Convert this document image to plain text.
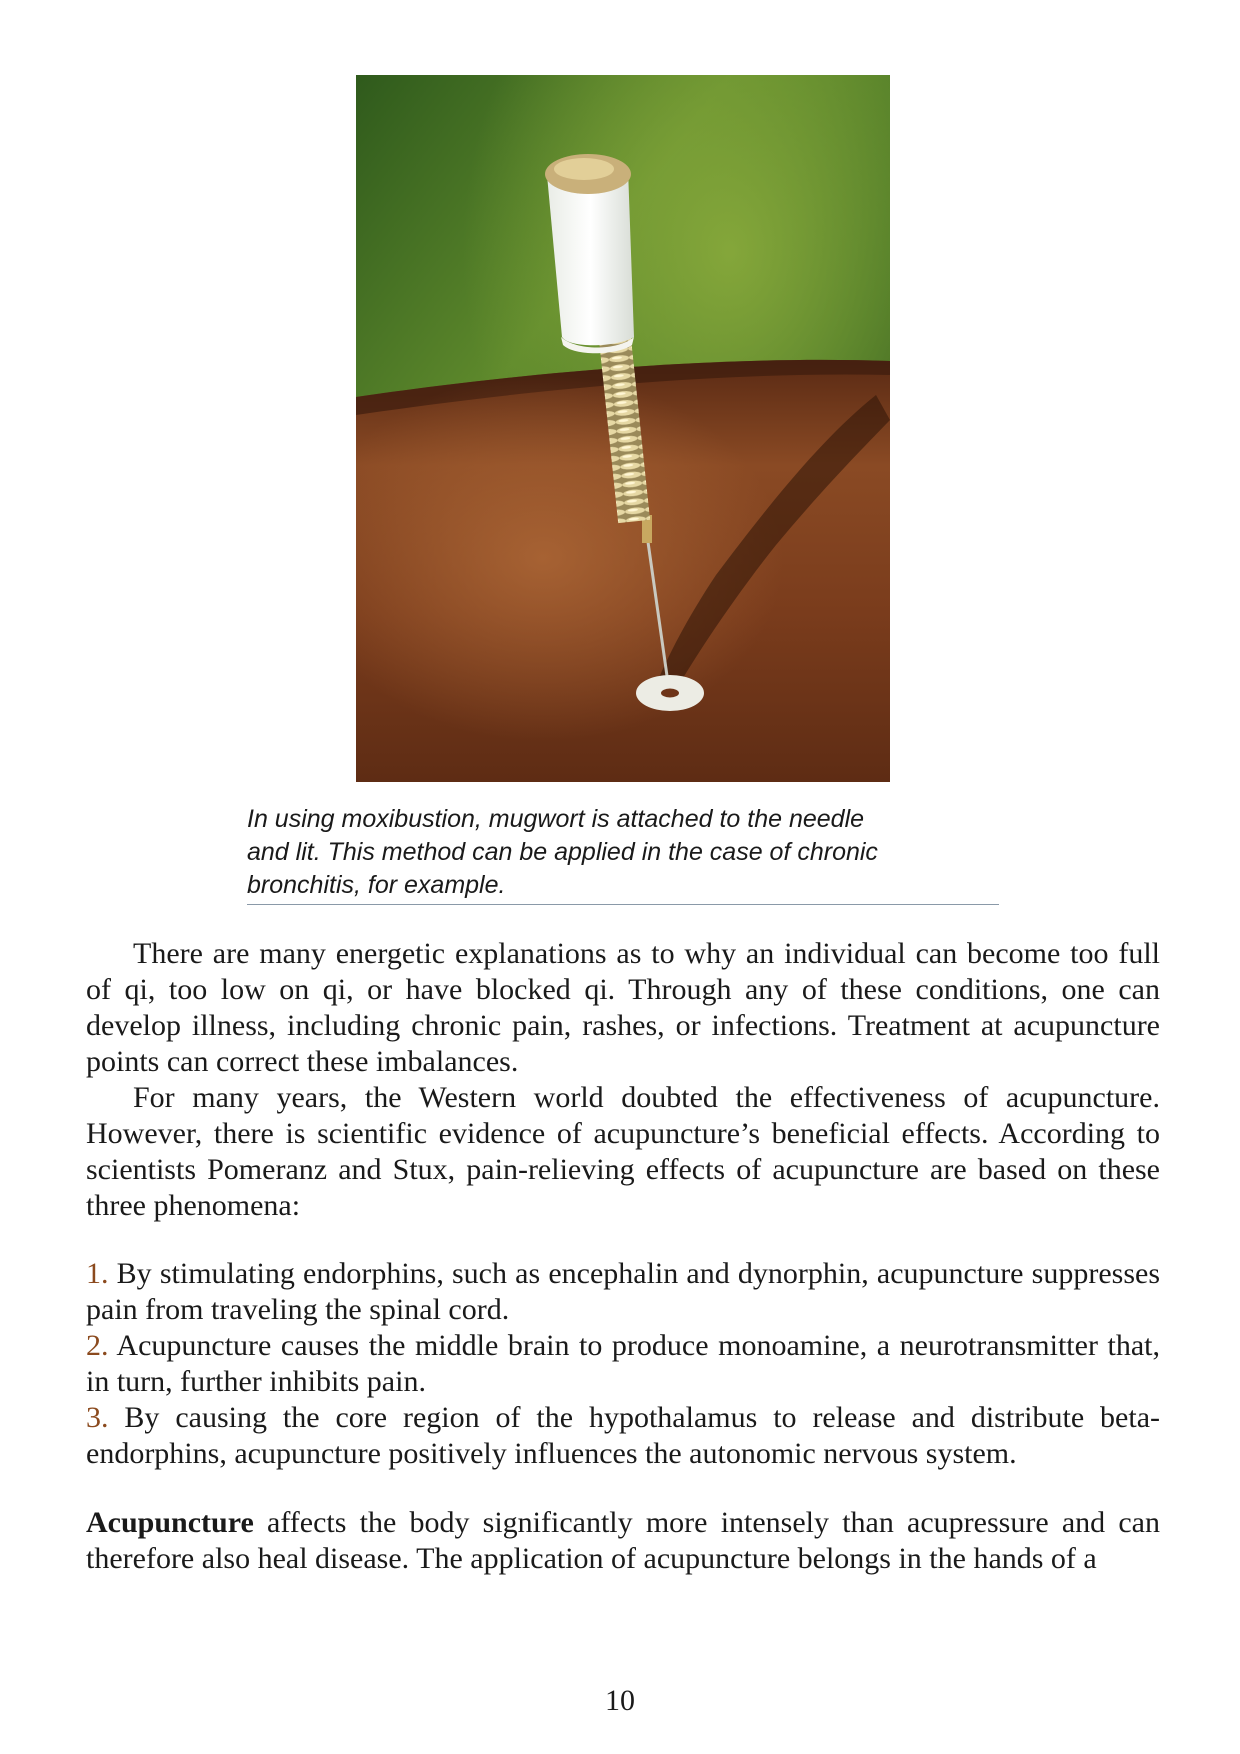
In using moxibustion, mugwort is attached to the needle

and lit. This method can be applied in the case of chronic

bronchitis, for example.

There are many energetic explanations as to why an individual can become too full of qi, too low on qi, or have blocked qi. Through any of these conditions, one can develop illness, including chronic pain, rashes, or infections. Treatment at acupuncture points can correct these imbalances.

For many years, the Western world doubted the effectiveness of acupuncture. However, there is scientific evidence of acupuncture’s beneficial effects. According to scientists Pomeranz and Stux, pain-relieving effects of acupuncture are based on these three phenomena:

1. By stimulating endorphins, such as encephalin and dynorphin, acupuncture suppresses pain from traveling the spinal cord.

2. Acupuncture causes the middle brain to produce monoamine, a neurotransmitter that, in turn, further inhibits pain.

3. By causing the core region of the hypothalamus to release and distribute beta-endorphins, acupuncture positively influences the autonomic nervous system.

Acupuncture affects the body significantly more intensely than acupressure and can therefore also heal disease. The application of acupuncture belongs in the hands of a

10
